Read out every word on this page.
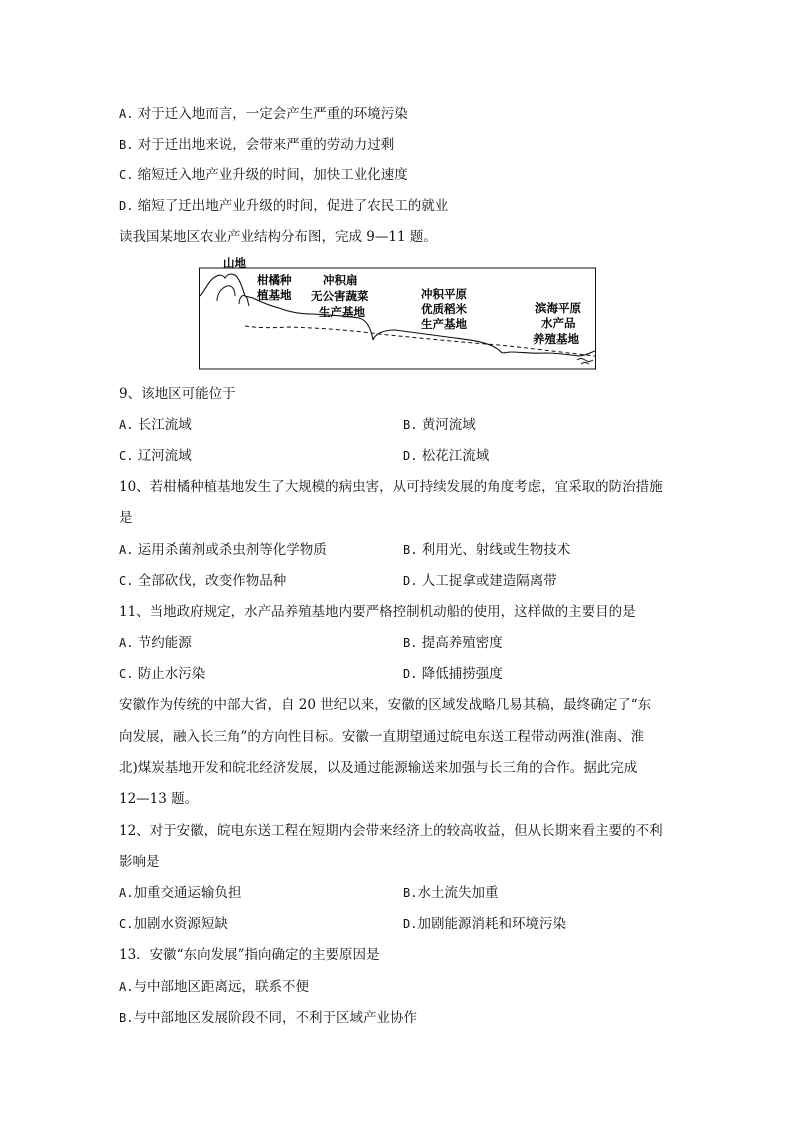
A. 对于迁入地而言，一定会产生严重的环境污染
B. 对于迁出地来说，会带来严重的劳动力过剩
C. 缩短迁入地产业升级的时间，加快工业化速度
D. 缩短了迁出地产业升级的时间，促进了农民工的就业
读我国某地区农业产业结构分布图，完成 9—11 题。
山地
柑橘种
植基地
冲积扇
无公害蔬菜
生产基地
冲积平原
优质稻米
生产基地
滨海平原
水产品
养殖基地
9、该地区可能位于
A. 长江流域	B. 黄河流域
C. 辽河流域	D. 松花江流域
10、若柑橘种植基地发生了大规模的病虫害，从可持续发展的角度考虑，宜采取的防治措施
是
A. 运用杀菌剂或杀虫剂等化学物质	B. 利用光、射线或生物技术
C. 全部砍伐，改变作物品种	D. 人工捉拿或建造隔离带
11、当地政府规定，水产品养殖基地内要严格控制机动船的使用，这样做的主要目的是
A. 节约能源	B. 提高养殖密度
C. 防止水污染	D. 降低捕捞强度
安徽作为传统的中部大省，自 20 世纪以来，安徽的区域发战略几易其稿，最终确定了“东
向发展，融入长三角”的方向性目标。安徽一直期望通过皖电东送工程带动两淮(淮南、淮
北)煤炭基地开发和皖北经济发展，以及通过能源输送来加强与长三角的合作。据此完成
12—13 题。
12、对于安徽，皖电东送工程在短期内会带来经济上的较高收益，但从长期来看主要的不利
影响是
A.加重交通运输负担	B.水土流失加重
C.加剧水资源短缺	D.加剧能源消耗和环境污染
13．安徽“东向发展”指向确定的主要原因是
A.与中部地区距离远，联系不便
B.与中部地区发展阶段不同，不利于区域产业协作
